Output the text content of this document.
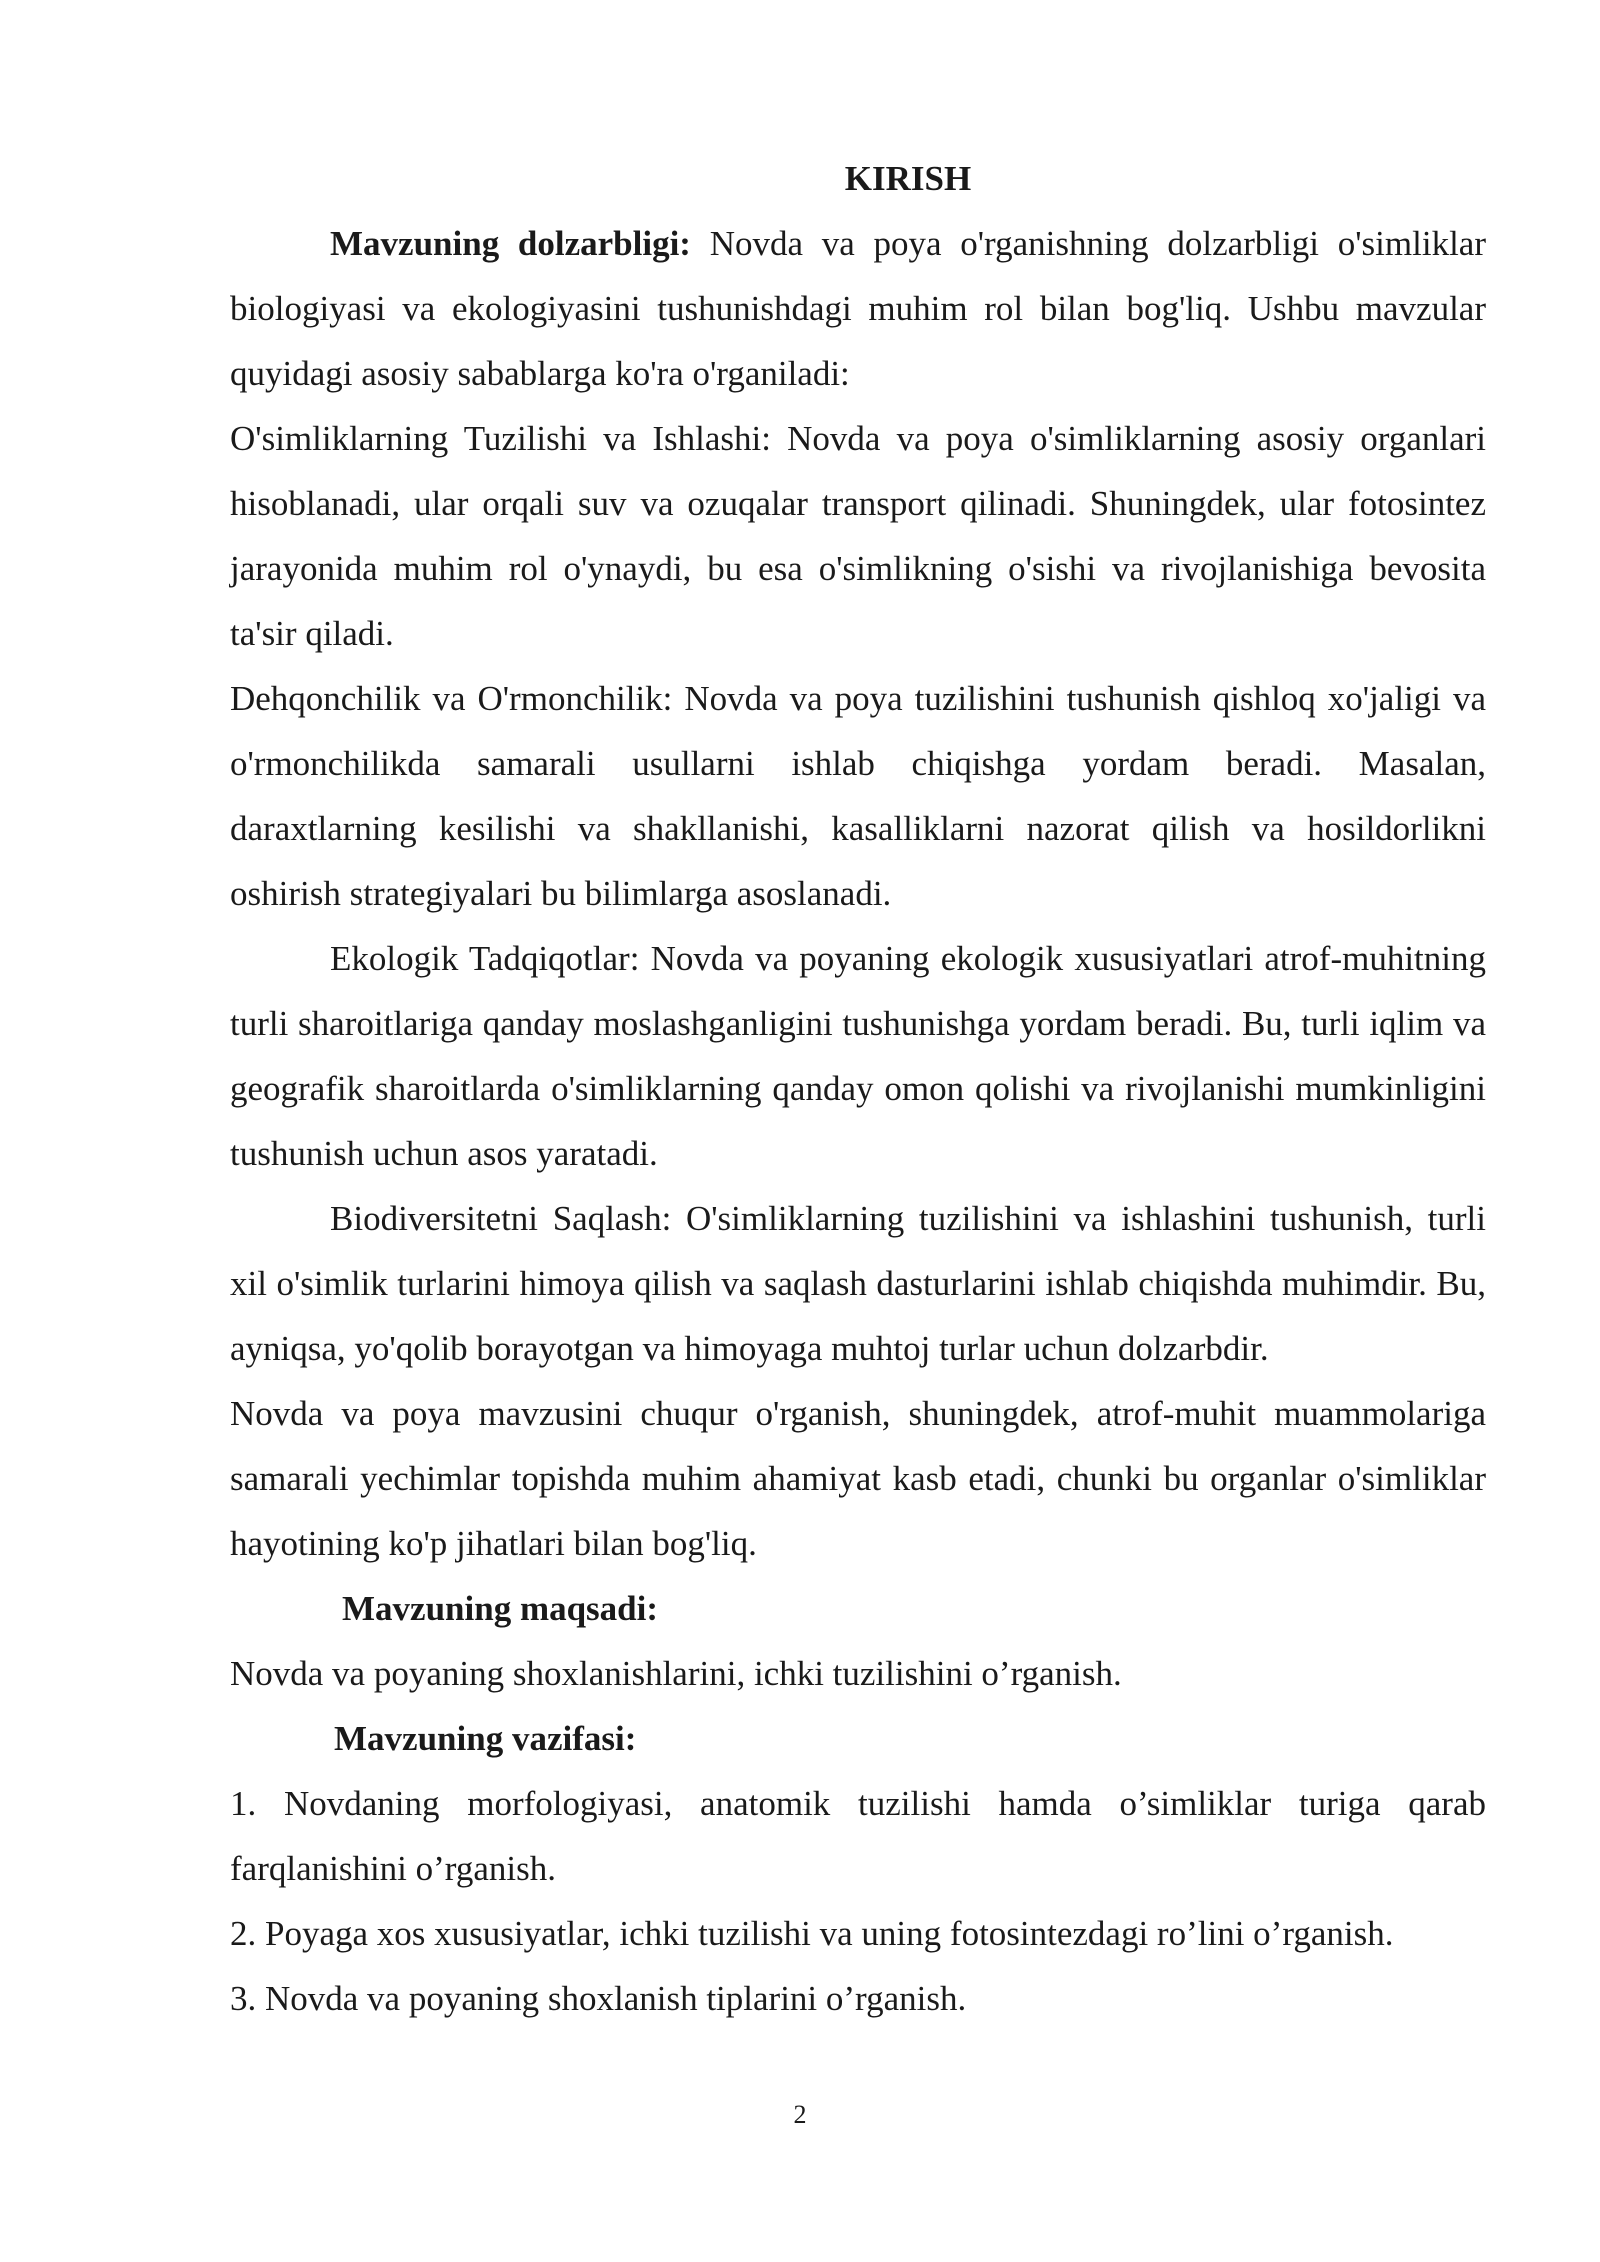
KIRISH

Mavzuning dolzarbligi: Novda va poya o'rganishning dolzarbligi o'simliklar biologiyasi va ekologiyasini tushunishdagi muhim rol bilan bog'liq. Ushbu mavzular quyidagi asosiy sabablarga ko'ra o'rganiladi:

O'simliklarning Tuzilishi va Ishlashi: Novda va poya o'simliklarning asosiy organlari hisoblanadi, ular orqali suv va ozuqalar transport qilinadi. Shuningdek, ular fotosintez jarayonida muhim rol o'ynaydi, bu esa o'simlikning o'sishi va rivojlanishiga bevosita ta'sir qiladi.

Dehqonchilik va O'rmonchilik: Novda va poya tuzilishini tushunish qishloq xo'jaligi va o'rmonchilikda samarali usullarni ishlab chiqishga yordam beradi. Masalan, daraxtlarning kesilishi va shakllanishi, kasalliklarni nazorat qilish va hosildorlikni oshirish strategiyalari bu bilimlarga asoslanadi.

Ekologik Tadqiqotlar: Novda va poyaning ekologik xususiyatlari atrof-muhitning turli sharoitlariga qanday moslashganligini tushunishga yordam beradi. Bu, turli iqlim va geografik sharoitlarda o'simliklarning qanday omon qolishi va rivojlanishi mumkinligini tushunish uchun asos yaratadi.

Biodiversitetni Saqlash: O'simliklarning tuzilishini va ishlashini tushunish, turli xil o'simlik turlarini himoya qilish va saqlash dasturlarini ishlab chiqishda muhimdir. Bu, ayniqsa, yo'qolib borayotgan va himoyaga muhtoj turlar uchun dolzarbdir.

Novda va poya mavzusini chuqur o'rganish, shuningdek, atrof-muhit muammolariga samarali yechimlar topishda muhim ahamiyat kasb etadi, chunki bu organlar o'simliklar hayotining ko'p jihatlari bilan bog'liq.

Mavzuning maqsadi:

Novda va poyaning shoxlanishlarini, ichki tuzilishini o’rganish.

Mavzuning vazifasi:

1. Novdaning morfologiyasi, anatomik tuzilishi hamda o’simliklar turiga qarab farqlanishini o’rganish.

2. Poyaga xos xususiyatlar, ichki tuzilishi va uning fotosintezdagi ro’lini o’rganish.

3. Novda va poyaning shoxlanish tiplarini o’rganish.

2
